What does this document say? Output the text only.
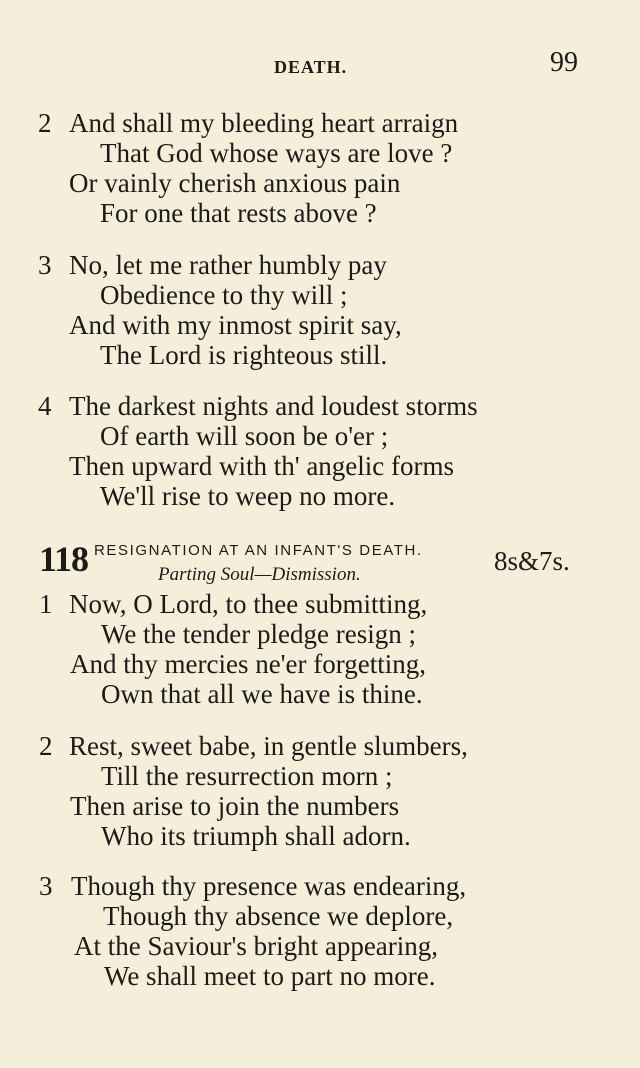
DEATH.	99
2 And shall my bleeding heart arraign
That God whose ways are love ?
Or vainly cherish anxious pain
For one that rests above ?
3 No, let me rather humbly pay
Obedience to thy will ;
And with my inmost spirit say,
The Lord is righteous still.
4 The darkest nights and loudest storms
Of earth will soon be o'er ;
Then upward with th' angelic forms
We'll rise to weep no more.
118 RESIGNATION AT AN INFANT'S DEATH.	8s&7s.
Parting Soul—Dismission.
1 Now, O Lord, to thee submitting,
We the tender pledge resign ;
And thy mercies ne'er forgetting,
Own that all we have is thine.
2 Rest, sweet babe, in gentle slumbers,
Till the resurrection morn ;
Then arise to join the numbers
Who its triumph shall adorn.
3 Though thy presence was endearing,
Though thy absence we deplore,
At the Saviour's bright appearing,
We shall meet to part no more.
